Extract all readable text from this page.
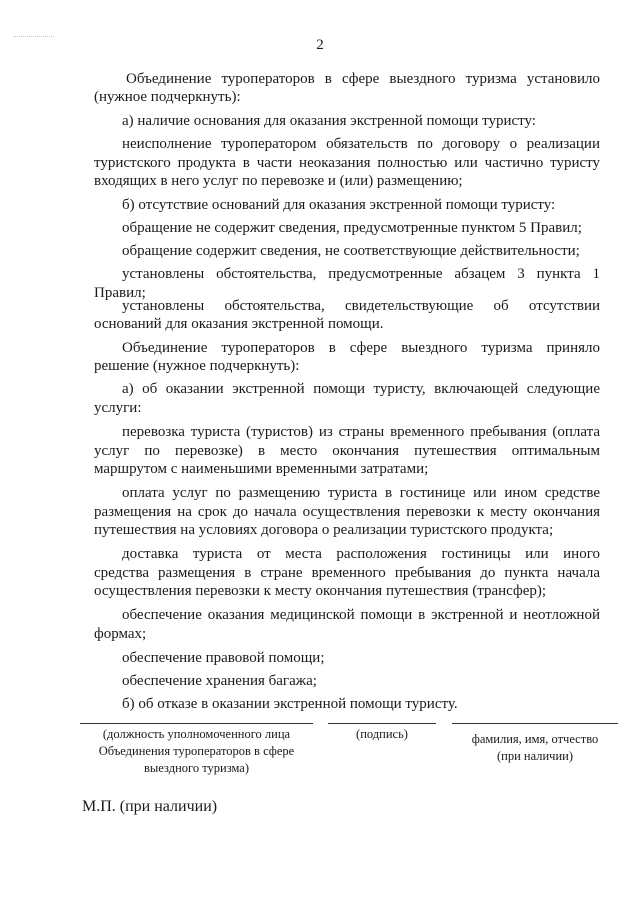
2
Объединение туроператоров в сфере выездного туризма установило
(нужное подчеркнуть):
а) наличие основания для оказания экстренной помощи туристу:
неисполнение туроператором обязательств по договору о реализации
туристского продукта в части неоказания полностью или частично туристу
входящих в него услуг по перевозке и (или) размещению;
б) отсутствие оснований для оказания экстренной помощи туристу:
обращение не содержит сведения, предусмотренные пунктом 5 Правил;
обращение содержит сведения, не соответствующие действительности;
установлены обстоятельства, предусмотренные абзацем 3 пункта 1
Правил;
установлены обстоятельства, свидетельствующие об отсутствии
оснований для оказания экстренной помощи.
Объединение туроператоров в сфере выездного туризма приняло
решение (нужное подчеркнуть):
а) об оказании экстренной помощи туристу, включающей следующие
услуги:
перевозка туриста (туристов) из страны временного пребывания (оплата
услуг по перевозке) в место окончания путешествия оптимальным
маршрутом с наименьшими временными затратами;
оплата услуг по размещению туриста в гостинице или ином средстве
размещения на срок до начала осуществления перевозки к месту окончания
путешествия на условиях договора о реализации туристского продукта;
доставка туриста от места расположения гостиницы или иного
средства размещения в стране временного пребывания до пункта начала
осуществления перевозки к месту окончания путешествия (трансфер);
обеспечение оказания медицинской помощи в экстренной и неотложной
формах;
обеспечение правовой помощи;
обеспечение хранения багажа;
б) об отказе в оказании экстренной помощи туристу.
(должность уполномоченного лица
Объединения туроператоров в сфере
выездного туризма)
(подпись)	фамилия, имя, отчество
(при наличии)
М.П. (при наличии)
